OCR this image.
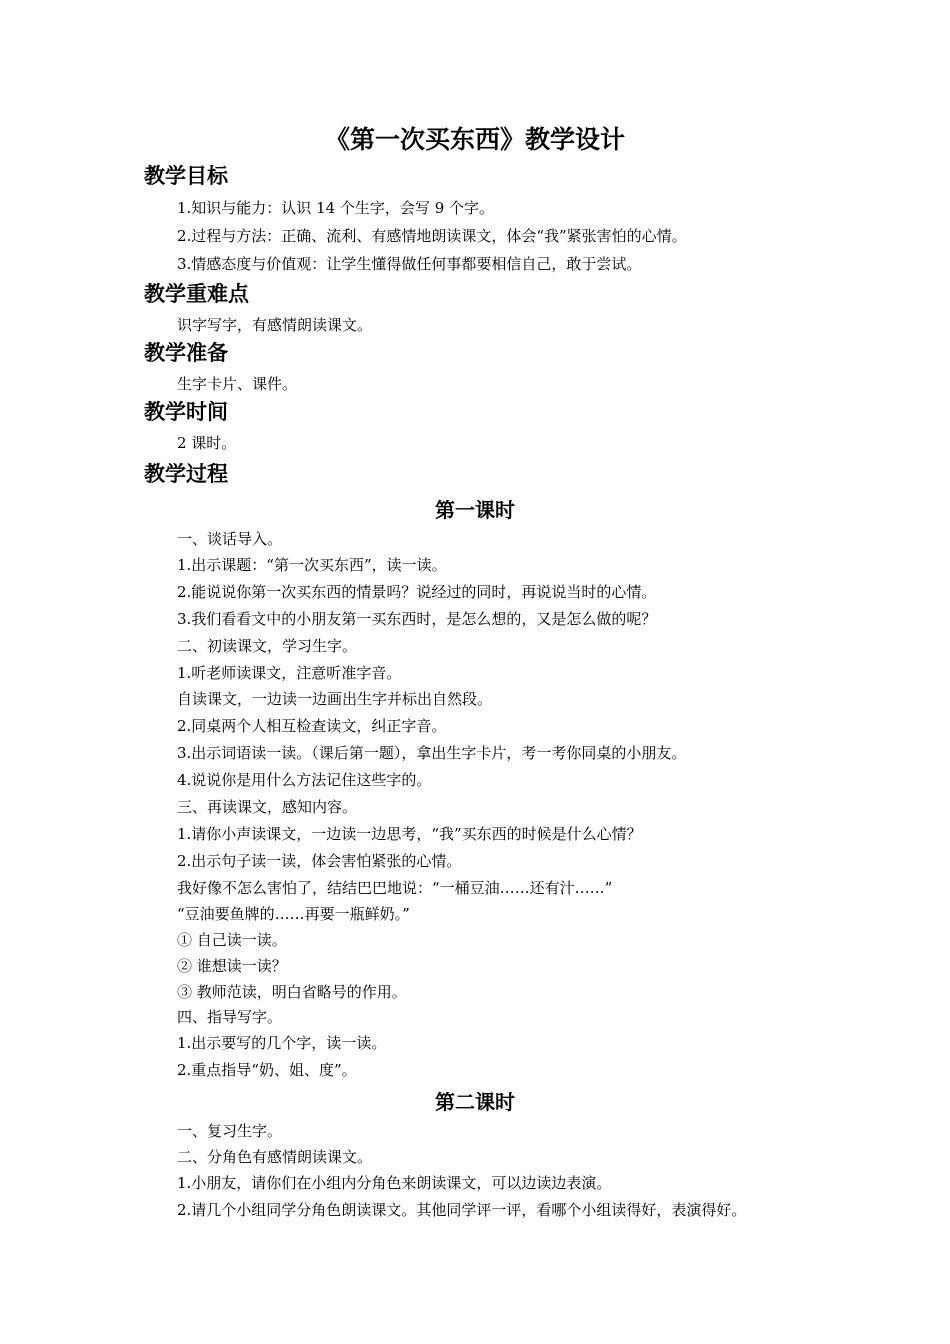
《第一次买东西》教学设计
教学目标
1.知识与能力：认识 14 个生字，会写 9 个字。
2.过程与方法：正确、流利、有感情地朗读课文，体会“我”紧张害怕的心情。
3.情感态度与价值观：让学生懂得做任何事都要相信自己，敢于尝试。
教学重难点
识字写字，有感情朗读课文。
教学准备
生字卡片、课件。
教学时间
2 课时。
教学过程
第一课时
一、谈话导入。
1.出示课题：“第一次买东西”，读一读。
2.能说说你第一次买东西的情景吗？说经过的同时，再说说当时的心情。
3.我们看看文中的小朋友第一买东西时，是怎么想的，又是怎么做的呢？
二、初读课文，学习生字。
1.听老师读课文，注意听准字音。
自读课文，一边读一边画出生字并标出自然段。
2.同桌两个人相互检查读文，纠正字音。
3.出示词语读一读。（课后第一题），拿出生字卡片，考一考你同桌的小朋友。
4.说说你是用什么方法记住这些字的。
三、再读课文，感知内容。
1.请你小声读课文，一边读一边思考，“我”买东西的时候是什么心情？
2.出示句子读一读，体会害怕紧张的心情。
我好像不怎么害怕了，结结巴巴地说：“一桶豆油……还有汁……”
“豆油要鱼牌的……再要一瓶鲜奶。”
① 自己读一读。
② 谁想读一读？
③ 教师范读，明白省略号的作用。
四、指导写字。
1.出示要写的几个字，读一读。
2.重点指导“奶、姐、度”。
第二课时
一、复习生字。
二、分角色有感情朗读课文。
1.小朋友，请你们在小组内分角色来朗读课文，可以边读边表演。
2.请几个小组同学分角色朗读课文。其他同学评一评，看哪个小组读得好，表演得好。
